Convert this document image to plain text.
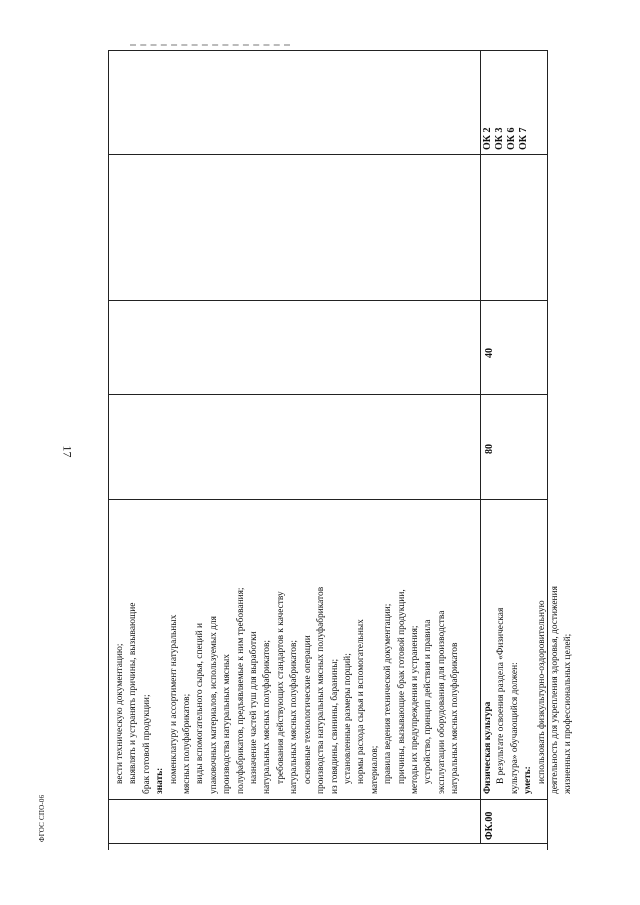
17
вести техническую документацию; выявлять и устранять причины, вызывающие брак готовой продукции; знать: номенклатуру и ассортимент натуральных мясных полуфабрикатов; виды вспомогательного сырья, специй и упаковочных материалов, используемых для производства натуральных мясных полуфабрикатов, предъявляемые к ним требования; назначение частей туш для выработки натуральных мясных полуфабрикатов; требования действующих стандартов к качеству натуральных мясных полуфабрикатов; основные технологические операции производства натуральных мясных полуфабрикатов из говядины, свинины, баранины; установленные размеры порций; нормы расхода сырья и вспомогательных материалов; правила ведения технической документации; причины, вызывающие брак готовой продукции, методы их предупреждения и устранения; устройство, принцип действия и правила эксплуатации оборудования для производства натуральных мясных полуфабрикатов
ОК 2 ОК 3 ОК 6 ОК 7
ФК.00
Физическая культура В результате освоения раздела «Физическая культура» обучающийся должен: уметь: использовать физкультурно-оздоровительную деятельность для укрепления здоровья, достижения жизненных и профессиональных целей;
80
40
ФГОС СПО-06
